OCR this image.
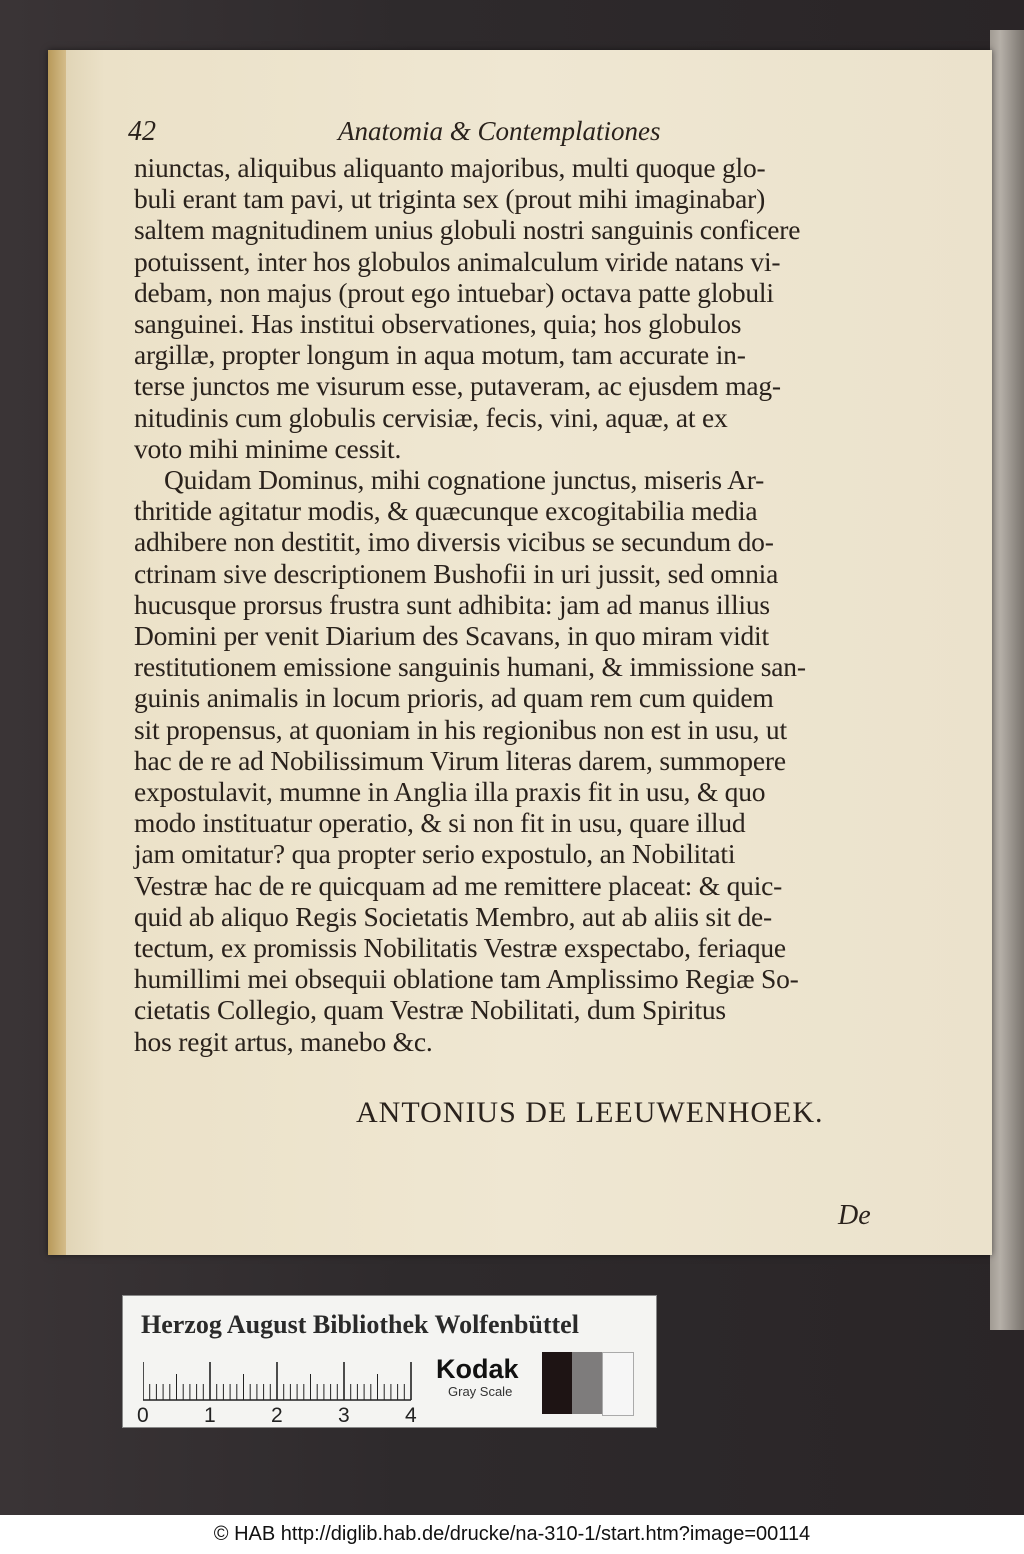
42	Anatomia & Contemplationes
niunctas, aliquibus aliquanto majoribus, multi quoque glo-
buli erant tam pavi, ut triginta sex (prout mihi imaginabar)
saltem magnitudinem unius globuli nostri sanguinis conficere
potuissent, inter hos globulos animalculum viride natans vi-
debam, non majus (prout ego intuebar) octava patte globuli
sanguinei. Has institui observationes, quia; hos globulos
argillæ, propter longum in aqua motum, tam accurate in-
terse junctos me visurum esse, putaveram, ac ejusdem mag-
nitudinis cum globulis cervisiæ, fecis, vini, aquæ, at ex
voto mihi minime cessit.
Quidam Dominus, mihi cognatione junctus, miseris Ar-
thritide agitatur modis, & quæcunque excogitabilia media
adhibere non destitit, imo diversis vicibus se secundum do-
ctrinam sive descriptionem Bushofii in uri jussit, sed omnia
hucusque prorsus frustra sunt adhibita: jam ad manus illius
Domini per venit Diarium des Scavans, in quo miram vidit
restitutionem emissione sanguinis humani, & immissione san-
guinis animalis in locum prioris, ad quam rem cum quidem
sit propensus, at quoniam in his regionibus non est in usu, ut
hac de re ad Nobilissimum Virum literas darem, summopere
expostulavit, mumne in Anglia illa praxis fit in usu, & quo
modo instituatur operatio, & si non fit in usu, quare illud
jam omitatur? qua propter serio expostulo, an Nobilitati
Vestræ hac de re quicquam ad me remittere placeat: & quic-
quid ab aliquo Regis Societatis Membro, aut ab aliis sit de-
tectum, ex promissis Nobilitatis Vestræ exspectabo, feriaque
humillimi mei obsequii oblatione tam Amplissimo Regiæ So-
cietatis Collegio, quam Vestræ Nobilitati, dum Spiritus
hos regit artus, manebo &c.
ANTONIUS DE LEEUWENHOEK.
De
Herzog August Bibliothek Wolfenbüttel
0	1	2	3	4
Kodak
Gray Scale
© HAB http://diglib.hab.de/drucke/na-310-1/start.htm?image=00114
